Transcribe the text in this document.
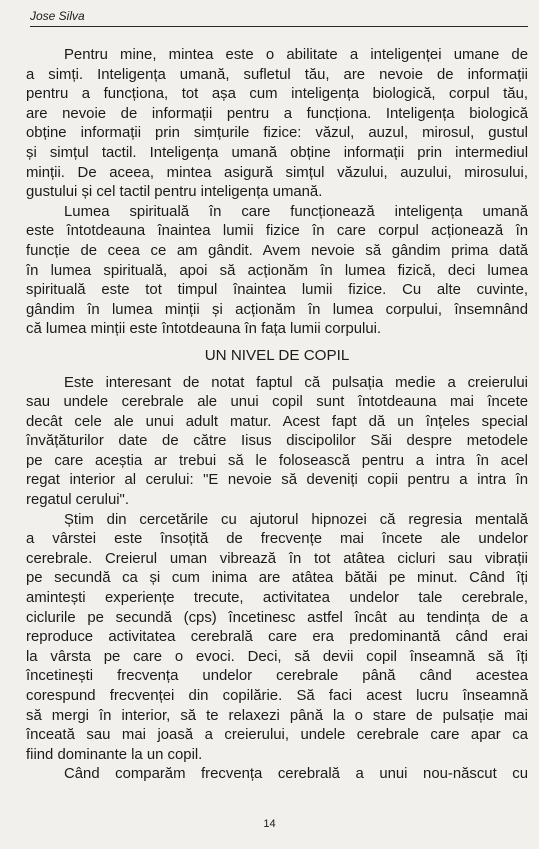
Jose Silva
Pentru mine, mintea este o abilitate a inteligenței umane de
a simți. Inteligența umană, sufletul tău, are nevoie de informații
pentru a funcționa, tot așa cum inteligența biologică, corpul tău,
are nevoie de informații pentru a funcționa. Inteligența biologică
obține informații prin simțurile fizice: văzul, auzul, mirosul, gustul
și simțul tactil. Inteligența umană obține informații prin intermediul
minții. De aceea, mintea asigură simțul văzului, auzului, mirosului,
gustului și cel tactil pentru inteligența umană.
Lumea spirituală în care funcționează inteligența umană
este întotdeauna înaintea lumii fizice în care corpul acționează în
funcție de ceea ce am gândit. Avem nevoie să gândim prima dată
în lumea spirituală, apoi să acționăm în lumea fizică, deci lumea
spirituală este tot timpul înaintea lumii fizice. Cu alte cuvinte,
gândim în lumea minții și acționăm în lumea corpului, însemnând
că lumea minții este întotdeauna în fața lumii corpului.
UN NIVEL DE COPIL
Este interesant de notat faptul că pulsația medie a creierului
sau undele cerebrale ale unui copil sunt întotdeauna mai încete
decât cele ale unui adult matur. Acest fapt dă un înțeles special
învățăturilor date de către Iisus discipolilor Săi despre metodele
pe care aceștia ar trebui să le folosească pentru a intra în acel
regat interior al cerului: "E nevoie să deveniți copii pentru a intra în
regatul cerului".
Știm din cercetările cu ajutorul hipnozei că regresia mentală
a vârstei este însoțită de frecvențe mai încete ale undelor
cerebrale. Creierul uman vibrează în tot atâtea cicluri sau vibrații
pe secundă ca și cum inima are atâtea bătăi pe minut. Când îți
amintești experiențe trecute, activitatea undelor tale cerebrale,
ciclurile pe secundă (cps) încetinesc astfel încât au tendința de a
reproduce activitatea cerebrală care era predominantă când erai
la vârsta pe care o evoci. Deci, să devii copil înseamnă să îți
încetinești frecvența undelor cerebrale până când acestea
corespund frecvenței din copilărie. Să faci acest lucru înseamnă
să mergi în interior, să te relaxezi până la o stare de pulsație mai
înceată sau mai joasă a creierului, undele cerebrale care apar ca
fiind dominante la un copil.
Când comparăm frecvența cerebrală a unui nou-născut cu
14
